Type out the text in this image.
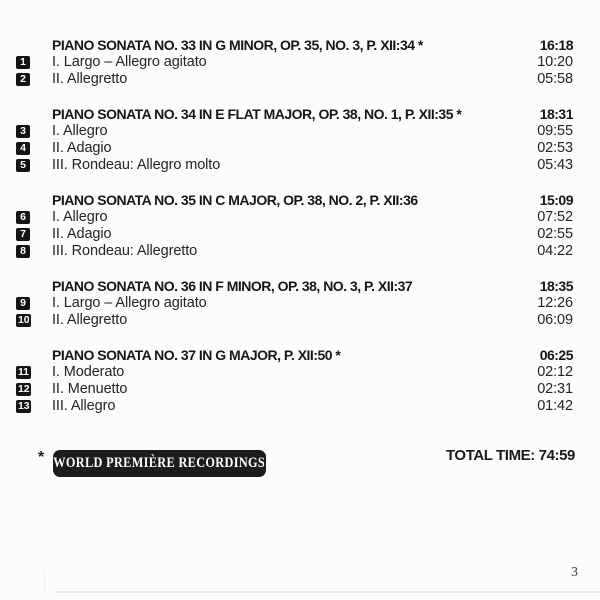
PIANO SONATA NO. 33 IN G MINOR, OP. 35, NO. 3, P. XII:34 *	16:18
1 I. Largo – Allegro agitato	10:20
2 II. Allegretto	05:58
PIANO SONATA NO. 34 IN E FLAT MAJOR, OP. 38, NO. 1, P. XII:35 *	18:31
3 I. Allegro	09:55
4 II. Adagio	02:53
5 III. Rondeau: Allegro molto	05:43
PIANO SONATA NO. 35 IN C MAJOR, OP. 38, NO. 2, P. XII:36	15:09
6 I. Allegro	07:52
7 II. Adagio	02:55
8 III. Rondeau: Allegretto	04:22
PIANO SONATA NO. 36 IN F MINOR, OP. 38, NO. 3, P. XII:37	18:35
9 I. Largo – Allegro agitato	12:26
10 II. Allegretto	06:09
PIANO SONATA NO. 37 IN G MAJOR, P. XII:50 *	06:25
11 I. Moderato	02:12
12 II. Menuetto	02:31
13 III. Allegro	01:42
* WORLD PREMIÈRE RECORDINGS	TOTAL TIME: 74:59
3
